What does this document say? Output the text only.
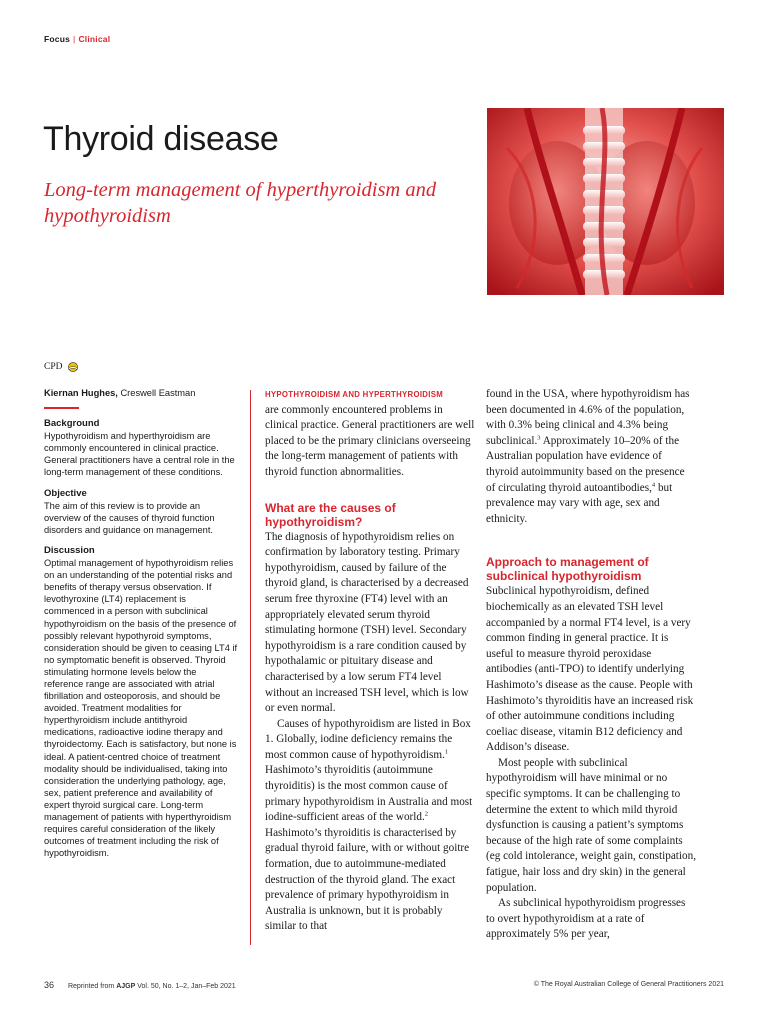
Focus | Clinical
Thyroid disease

Long-term management of hyperthyroidism and hypothyroidism

CPD
Kiernan Hughes, Creswell Eastman
Background

Hypothyroidism and hyperthyroidism are commonly encountered in clinical practice. General practitioners have a central role in the long-term management of these conditions.

Objective

The aim of this review is to provide an overview of the causes of thyroid function disorders and guidance on management.

Discussion

Optimal management of hypothyroidism relies on an understanding of the potential risks and benefits of therapy versus observation. If levothyroxine (LT4) replacement is commenced in a person with subclinical hypothyroidism on the basis of the presence of possibly relevant hypothyroid symptoms, consideration should be given to ceasing LT4 if no symptomatic benefit is observed. Thyroid stimulating hormone levels below the reference range are associated with atrial fibrillation and osteoporosis, and should be avoided. Treatment modalities for hyperthyroidism include antithyroid medications, radioactive iodine therapy and thyroidectomy. Each is satisfactory, but none is ideal. A patient-centred choice of treatment modality should be individualised, taking into consideration the underlying pathology, age, sex, patient preference and availability of expert thyroid surgical care. Long-term management of patients with hyperthyroidism requires careful consideration of the likely outcomes of treatment including the risk of hypothyroidism.

HYPOTHYROIDISM AND HYPERTHYROIDISM
are commonly encountered problems in clinical practice. General practitioners are well placed to be the primary clinicians overseeing the long-term management of patients with thyroid function abnormalities.

What are the causes of hypothyroidism?

The diagnosis of hypothyroidism relies on confirmation by laboratory testing. Primary hypothyroidism, caused by failure of the thyroid gland, is characterised by a decreased serum free thyroxine (FT4) level with an appropriately elevated serum thyroid stimulating hormone (TSH) level. Secondary hypothyroidism is a rare condition caused by hypothalamic or pituitary disease and characterised by a low serum FT4 level without an increased TSH level, which is low or even normal.

Causes of hypothyroidism are listed in Box 1. Globally, iodine deficiency remains the most common cause of hypothyroidism.$^1$ Hashimoto’s thyroiditis (autoimmune thyroiditis) is the most common cause of primary hypothyroidism in Australia and most iodine-sufficient areas of the world.$^2$ Hashimoto’s thyroiditis is characterised by gradual thyroid failure, with or without goitre formation, due to autoimmune-mediated destruction of the thyroid gland. The exact prevalence of primary hypothyroidism in Australia is unknown, but it is probably similar to that

found in the USA, where hypothyroidism has been documented in 4.6% of the population, with 0.3% being clinical and 4.3% being subclinical.$^3$ Approximately 10–20% of the Australian population have evidence of thyroid autoimmunity based on the presence of circulating thyroid autoantibodies,$^4$ but prevalence may vary with age, sex and ethnicity.

Approach to management of subclinical hypothyroidism

Subclinical hypothyroidism, defined biochemically as an elevated TSH level accompanied by a normal FT4 level, is a very common finding in general practice. It is useful to measure thyroid peroxidase antibodies (anti-TPO) to identify underlying Hashimoto’s disease as the cause. People with Hashimoto’s thyroiditis have an increased risk of other autoimmune conditions including coeliac disease, vitamin B12 deficiency and Addison’s disease.

Most people with subclinical hypothyroidism will have minimal or no specific symptoms. It can be challenging to determine the extent to which mild thyroid dysfunction is causing a patient’s symptoms because of the high rate of some complaints (eg cold intolerance, weight gain, constipation, fatigue, hair loss and dry skin) in the general population.

As subclinical hypothyroidism progresses to overt hypothyroidism at a rate of approximately 5% per year,

36 Reprinted from AJGP Vol. 50, No. 1–2, Jan–Feb 2021	© The Royal Australian College of General Practitioners 2021
